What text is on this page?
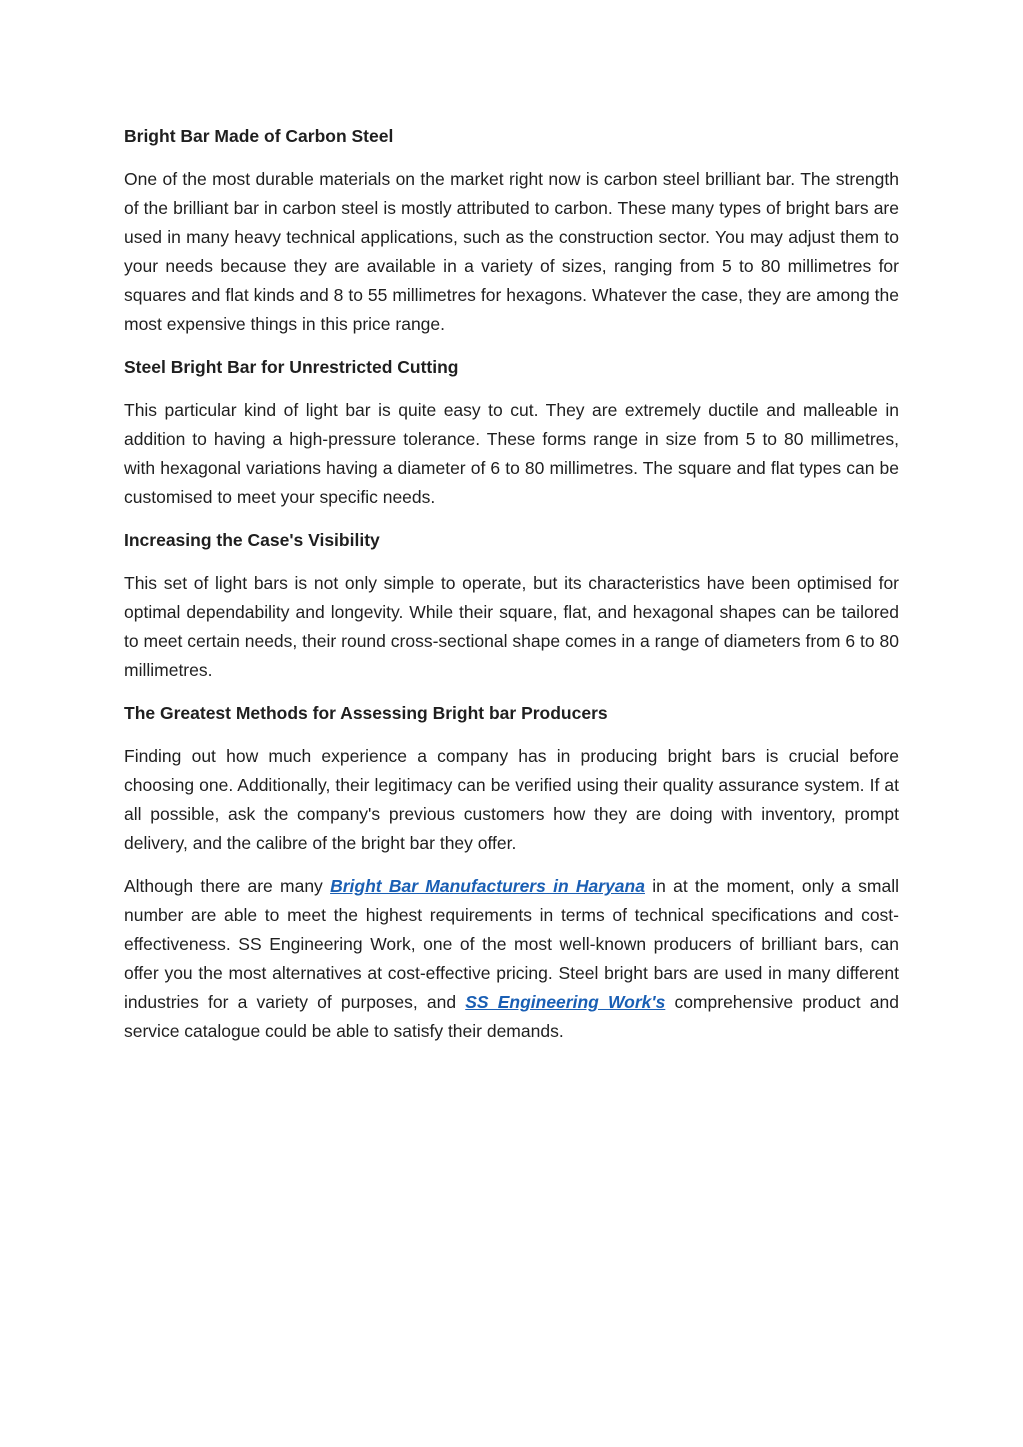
Bright Bar Made of Carbon Steel

One of the most durable materials on the market right now is carbon steel brilliant bar. The strength of the brilliant bar in carbon steel is mostly attributed to carbon. These many types of bright bars are used in many heavy technical applications, such as the construction sector. You may adjust them to your needs because they are available in a variety of sizes, ranging from 5 to 80 millimetres for squares and flat kinds and 8 to 55 millimetres for hexagons. Whatever the case, they are among the most expensive things in this price range.

Steel Bright Bar for Unrestricted Cutting

This particular kind of light bar is quite easy to cut. They are extremely ductile and malleable in addition to having a high-pressure tolerance. These forms range in size from 5 to 80 millimetres, with hexagonal variations having a diameter of 6 to 80 millimetres. The square and flat types can be customised to meet your specific needs.

Increasing the Case's Visibility

This set of light bars is not only simple to operate, but its characteristics have been optimised for optimal dependability and longevity. While their square, flat, and hexagonal shapes can be tailored to meet certain needs, their round cross-sectional shape comes in a range of diameters from 6 to 80 millimetres.

The Greatest Methods for Assessing Bright bar Producers

Finding out how much experience a company has in producing bright bars is crucial before choosing one. Additionally, their legitimacy can be verified using their quality assurance system. If at all possible, ask the company's previous customers how they are doing with inventory, prompt delivery, and the calibre of the bright bar they offer.

Although there are many Bright Bar Manufacturers in Haryana in at the moment, only a small number are able to meet the highest requirements in terms of technical specifications and cost-effectiveness. SS Engineering Work, one of the most well-known producers of brilliant bars, can offer you the most alternatives at cost-effective pricing. Steel bright bars are used in many different industries for a variety of purposes, and SS Engineering Work's comprehensive product and service catalogue could be able to satisfy their demands.
